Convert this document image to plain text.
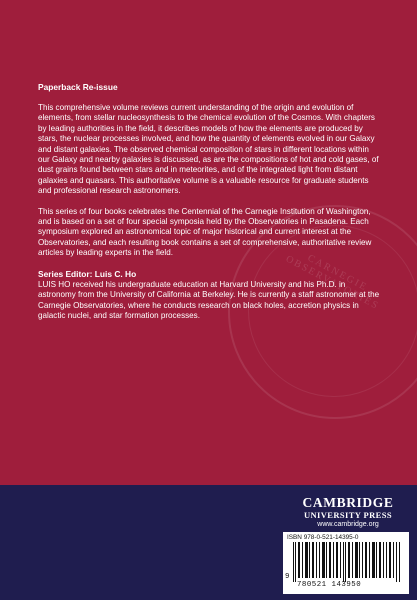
CARNEGIE OBSERVATORIES

Paperback Re-issue

This comprehensive volume reviews current understanding of the origin and evolution of elements, from stellar nucleosynthesis to the chemical evolution of the Cosmos. With chapters by leading authorities in the field, it describes models of how the elements are produced by stars, the nuclear processes involved, and how the quantity of elements evolved in our Galaxy and distant galaxies. The observed chemical composition of stars in different locations within our Galaxy and nearby galaxies is discussed, as are the compositions of hot and cold gases, of dust grains found between stars and in meteorites, and of the integrated light from distant galaxies and quasars. This authoritative volume is a valuable resource for graduate students and professional research astronomers.

This series of four books celebrates the Centennial of the Carnegie Institution of Washington, and is based on a set of four special symposia held by the Observatories in Pasadena. Each symposium explored an astronomical topic of major historical and current interest at the Observatories, and each resulting book contains a set of comprehensive, authoritative review articles by leading experts in the field.

Series Editor: Luis C. Ho

LUIS HO received his undergraduate education at Harvard University and his Ph.D. in astronomy from the University of California at Berkeley. He is currently a staff astronomer at the Carnegie Observatories, where he conducts research on black holes, accretion physics in galactic nuclei, and star formation processes.

CAMBRIDGE
UNIVERSITY PRESS
www.cambridge.org
ISBN 978-0-521-14395-0
9
780521 143950
